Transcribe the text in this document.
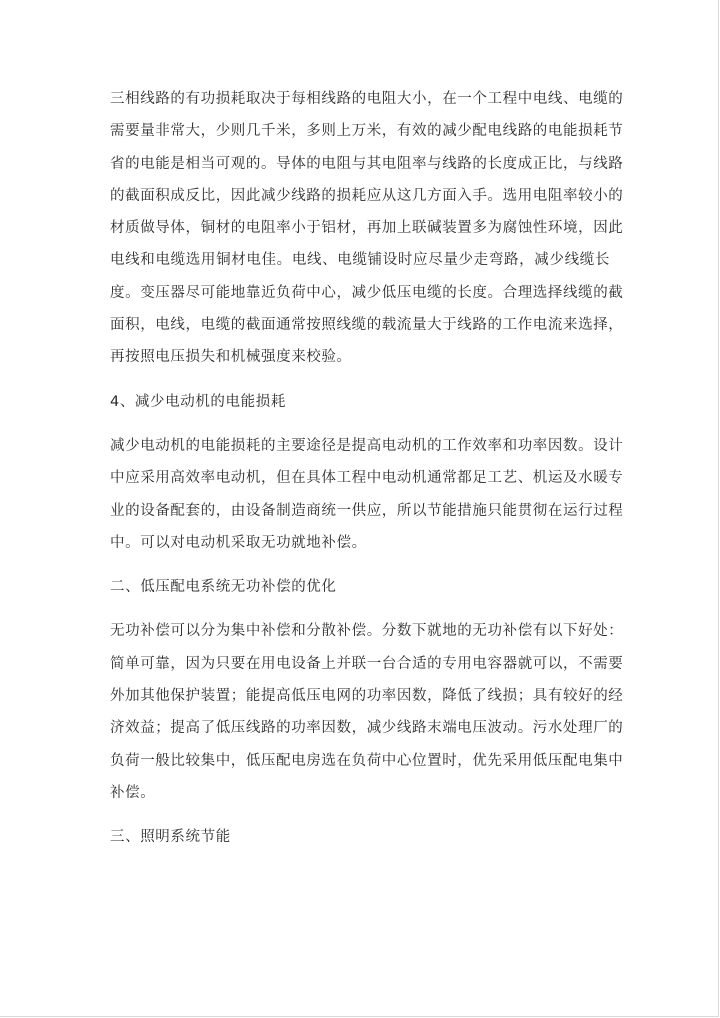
三相线路的有功损耗取决于每相线路的电阻大小，在一个工程中电线、电缆的
需要量非常大，少则几千米，多则上万米，有效的减少配电线路的电能损耗节
省的电能是相当可观的。导体的电阻与其电阻率与线路的长度成正比，与线路
的截面积成反比，因此减少线路的损耗应从这几方面入手。选用电阻率较小的
材质做导体，铜材的电阻率小于铝材，再加上联碱装置多为腐蚀性环境，因此
电线和电缆选用铜材电佳。电线、电缆铺设时应尽量少走弯路，减少线缆长
度。变压器尽可能地靠近负荷中心，减少低压电缆的长度。合理选择线缆的截
面积，电线，电缆的截面通常按照线缆的载流量大于线路的工作电流来选择，
再按照电压损失和机械强度来校验。

4、减少电动机的电能损耗

减少电动机的电能损耗的主要途径是提高电动机的工作效率和功率因数。设计
中应采用高效率电动机，但在具体工程中电动机通常都足工艺、机运及水暖专
业的设备配套的，由设备制造商统一供应，所以节能措施只能贯彻在运行过程
中。可以对电动机采取无功就地补偿。

二、低压配电系统无功补偿的优化

无功补偿可以分为集中补偿和分散补偿。分数下就地的无功补偿有以下好处：
简单可靠，因为只要在用电设备上并联一台合适的专用电容器就可以，不需要
外加其他保护装置；能提高低压电网的功率因数，降低了线损；具有较好的经
济效益；提高了低压线路的功率因数，减少线路末端电压波动。污水处理厂的
负荷一般比较集中，低压配电房选在负荷中心位置时，优先采用低压配电集中
补偿。

三、照明系统节能
